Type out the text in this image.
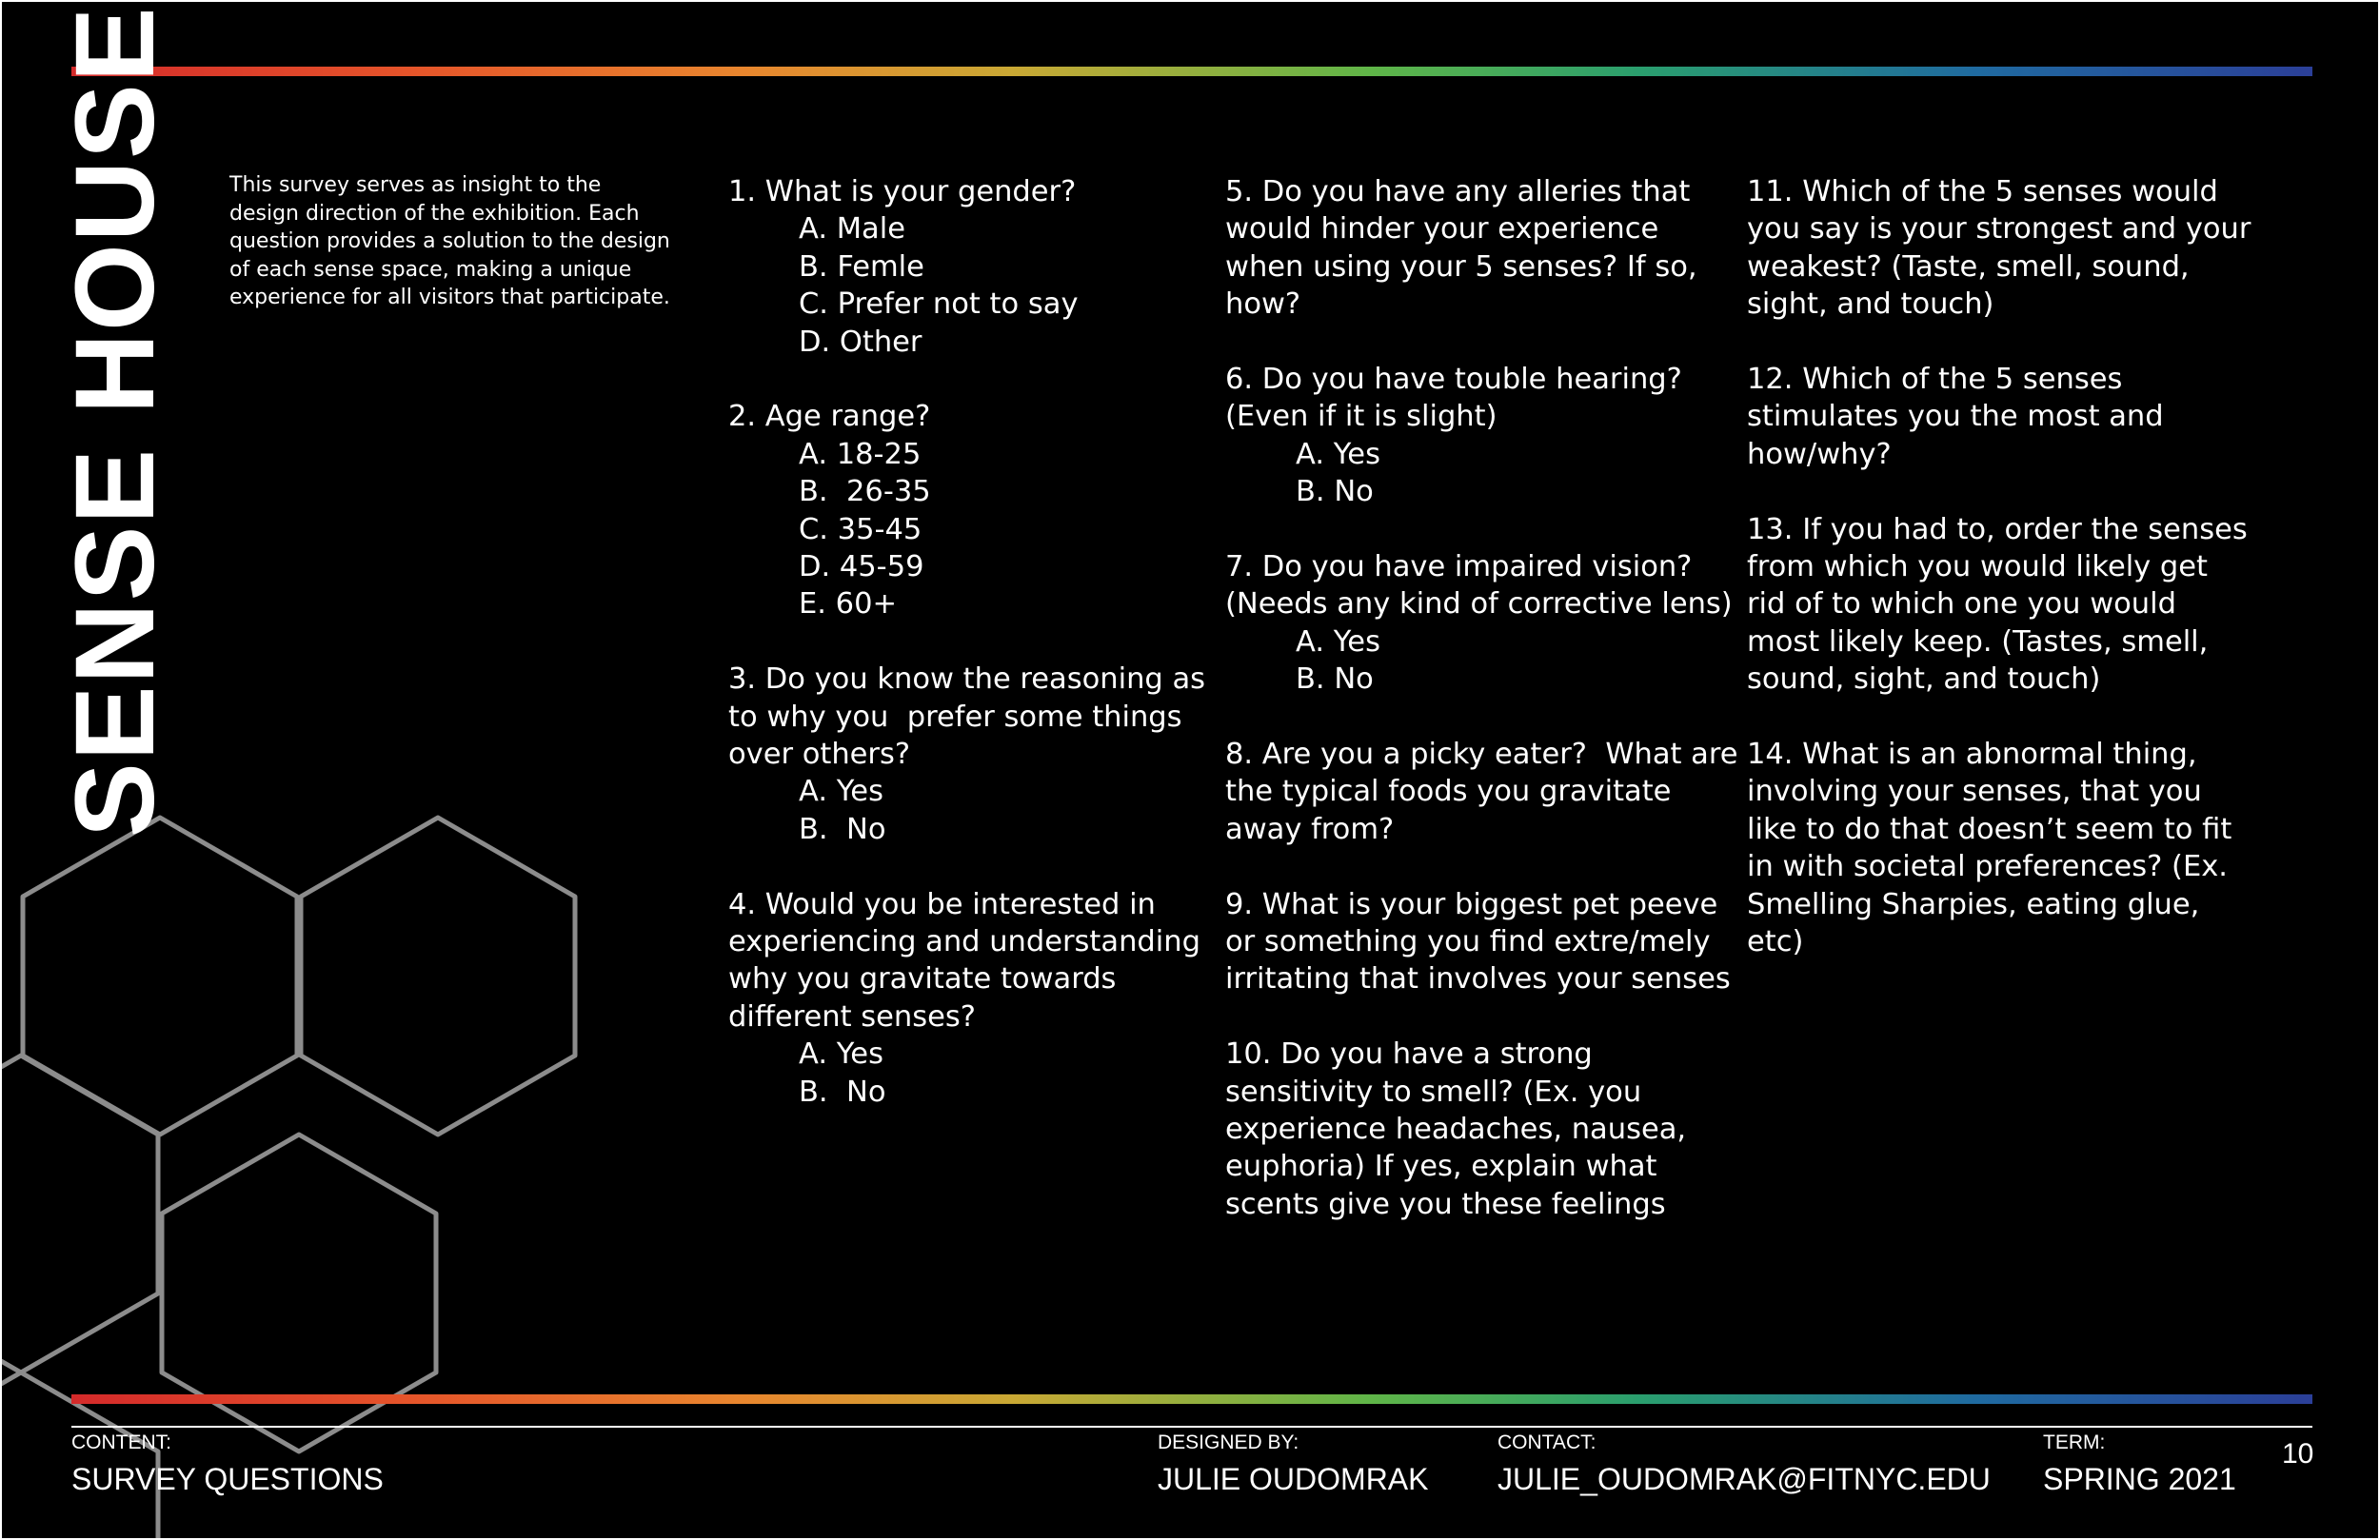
SENSE HOUSE This survey serves as insight to the design direction of the exhibition. Each question provides a solution to the design of each sense space, making a unique experience for all visitors that participate.
1. What is your gender?
A. Male
B. Femle
C. Prefer not to say
D. Other
2. Age range?
A. 18-25
B.  26-35
C. 35-45
D. 45-59
E. 60+
3. Do you know the reasoning as to why you  prefer some things over others?
A. Yes
B.  No
4. Would you be interested in experiencing and understanding why you gravitate towards different senses?
A. Yes
B.  No
5. Do you have any alleries that would hinder your experience when using your 5 senses? If so, how?
6. Do you have touble hearing? (Even if it is slight)
A. Yes
B. No
7. Do you have impaired vision? (Needs any kind of corrective lens)
A. Yes
B. No
8. Are you a picky eater?  What are the typical foods you gravitate away from?
9. What is your biggest pet peeve or something you find extre/mely irritating that involves your senses
10. Do you have a strong sensitivity to smell? (Ex. you experience headaches, nausea, euphoria) If yes, explain what scents give you these feelings
11. Which of the 5 senses would you say is your strongest and your weakest? (Taste, smell, sound, sight, and touch)
12. Which of the 5 senses stimulates you the most and how/why?
13. If you had to, order the senses from which you would likely get rid of to which one you would most likely keep. (Tastes, smell, sound, sight, and touch)
14. What is an abnormal thing, involving your senses, that you like to do that doesn’t seem to fit in with societal preferences? (Ex. Smelling Sharpies, eating glue, etc)
CONTENT:
SURVEY QUESTIONS
DESIGNED BY:
JULIE OUDOMRAK
CONTACT:
JULIE_OUDOMRAK@FITNYC.EDU
TERM:
SPRING 2021
10
